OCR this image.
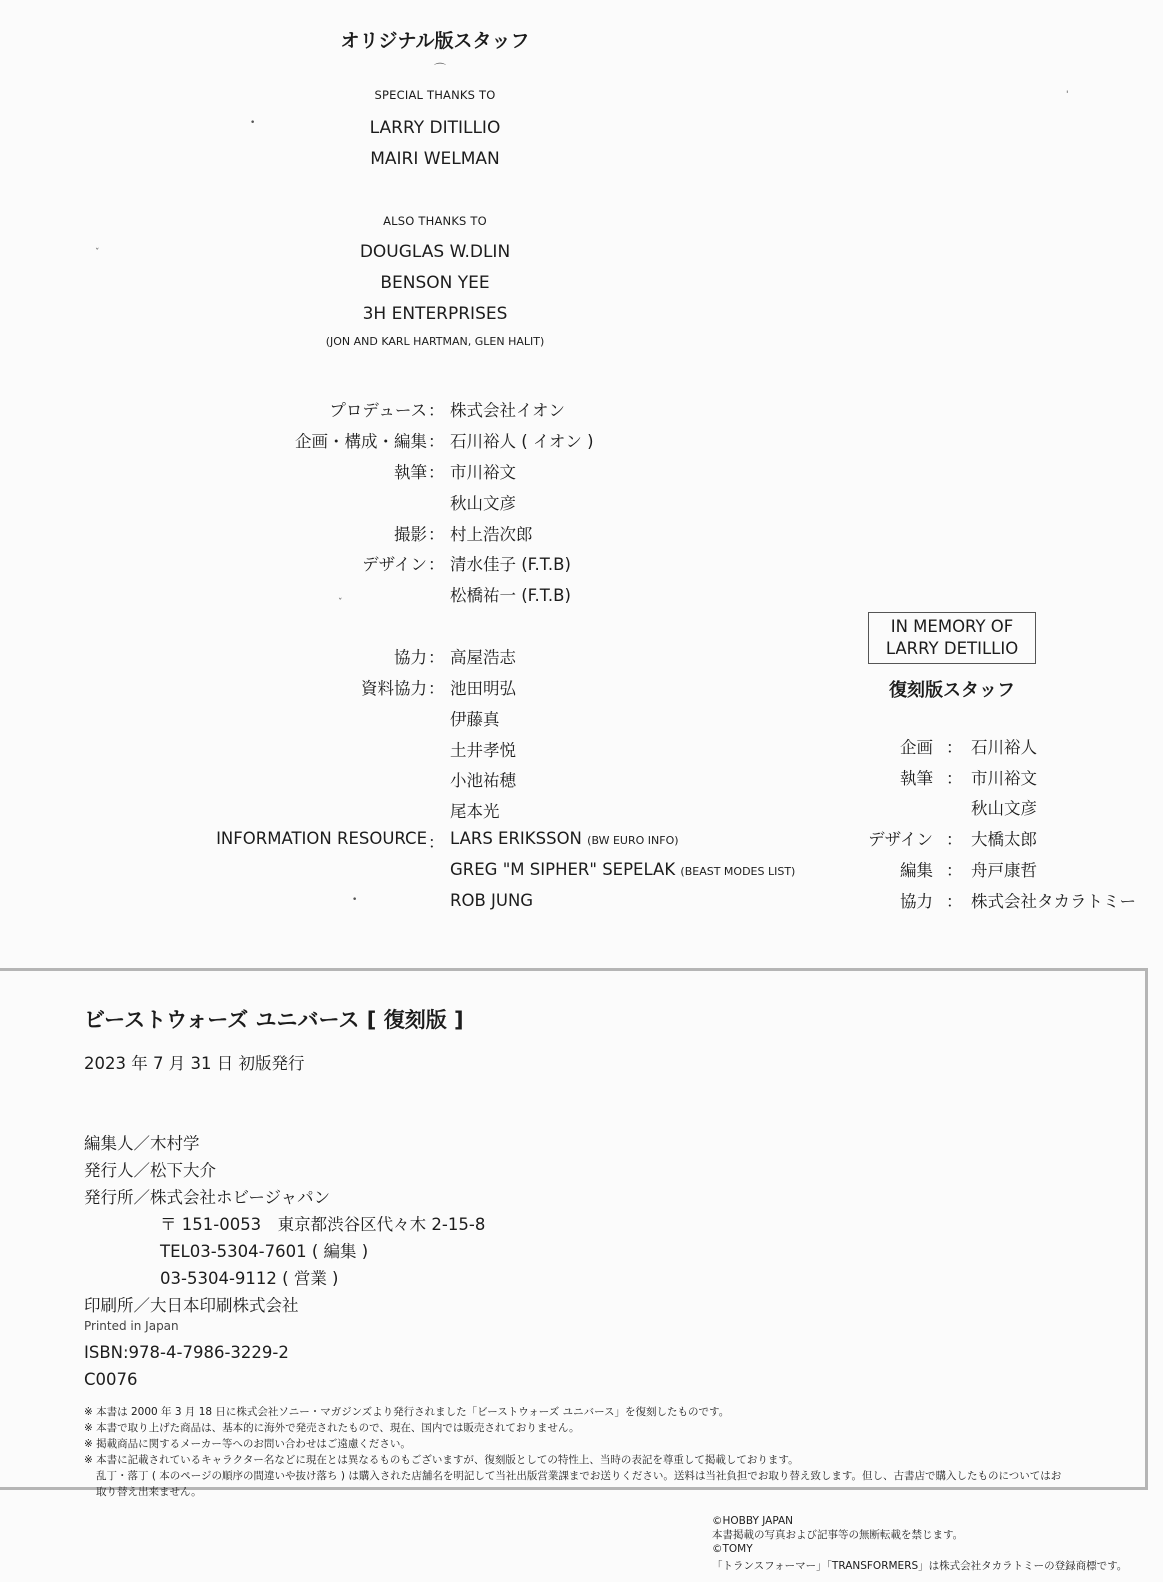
オリジナル版スタッフ
⌒
SPECIAL THANKS TO
LARRY DITILLIO
MAIRI WELMAN
ALSO THANKS TO
DOUGLAS W.DLIN
BENSON YEE
3H ENTERPRISES
(JON AND KARL HARTMAN, GLEN HALIT)
プロデュース ： 株式会社イオン
企画・構成・編集 ： 石川裕人 ( イオン )
執筆 ： 市川裕文
秋山文彦
撮影 ： 村上浩次郎
デザイン ： 清水佳子 (F.T.B)
松橋祐一 (F.T.B)
協力 ： 高屋浩志
資料協力 ： 池田明弘
伊藤真
土井孝悦
小池祐穂
尾本光
INFORMATION RESOURCE ： LARS ERIKSSON (BW EURO INFO)
GREG "M SIPHER" SEPELAK (BEAST MODES LIST)
ROB JUNG
IN MEMORY OF
LARRY DETILLIO
復刻版スタッフ
企画 ： 石川裕人
執筆 ： 市川裕文
秋山文彦
デザイン ： 大橋太郎
編集 ： 舟戸康哲
協力 ： 株式会社タカラトミー
ビーストウォーズ ユニバース [ 復刻版 ]
2023 年 7 月 31 日 初版発行
編集人／木村学
発行人／松下大介
発行所／株式会社ホビージャパン
〒 151-0053　東京都渋谷区代々木 2-15-8
TEL03-5304-7601 ( 編集 )
03-5304-9112 ( 営業 )
印刷所／大日本印刷株式会社
Printed in Japan
ISBN:978-4-7986-3229-2
C0076
※ 本書は 2000 年 3 月 18 日に株式会社ソニー・マガジンズより発行されました「ビーストウォーズ ユニバース」を復刻したものです。
※ 本書で取り上げた商品は、基本的に海外で発売されたもので、現在、国内では販売されておりません。
※ 掲載商品に関するメーカー等へのお問い合わせはご遠慮ください。
※ 本書に記載されているキャラクター名などに現在とは異なるものもございますが、復刻版としての特性上、当時の表記を尊重して掲載しております。
乱丁・落丁 ( 本のページの順序の間違いや抜け落ち ) は購入された店舗名を明記して当社出版営業課までお送りください。送料は当社負担でお取り替え致します。但し、古書店で購入したものについてはお
取り替え出来ません。
©HOBBY JAPAN
本書掲載の写真および記事等の無断転載を禁じます。
©TOMY
「トランスフォーマー」「TRANSFORMERS」は株式会社タカラトミーの登録商標です。
•
ˇ
•
'
ˇ
